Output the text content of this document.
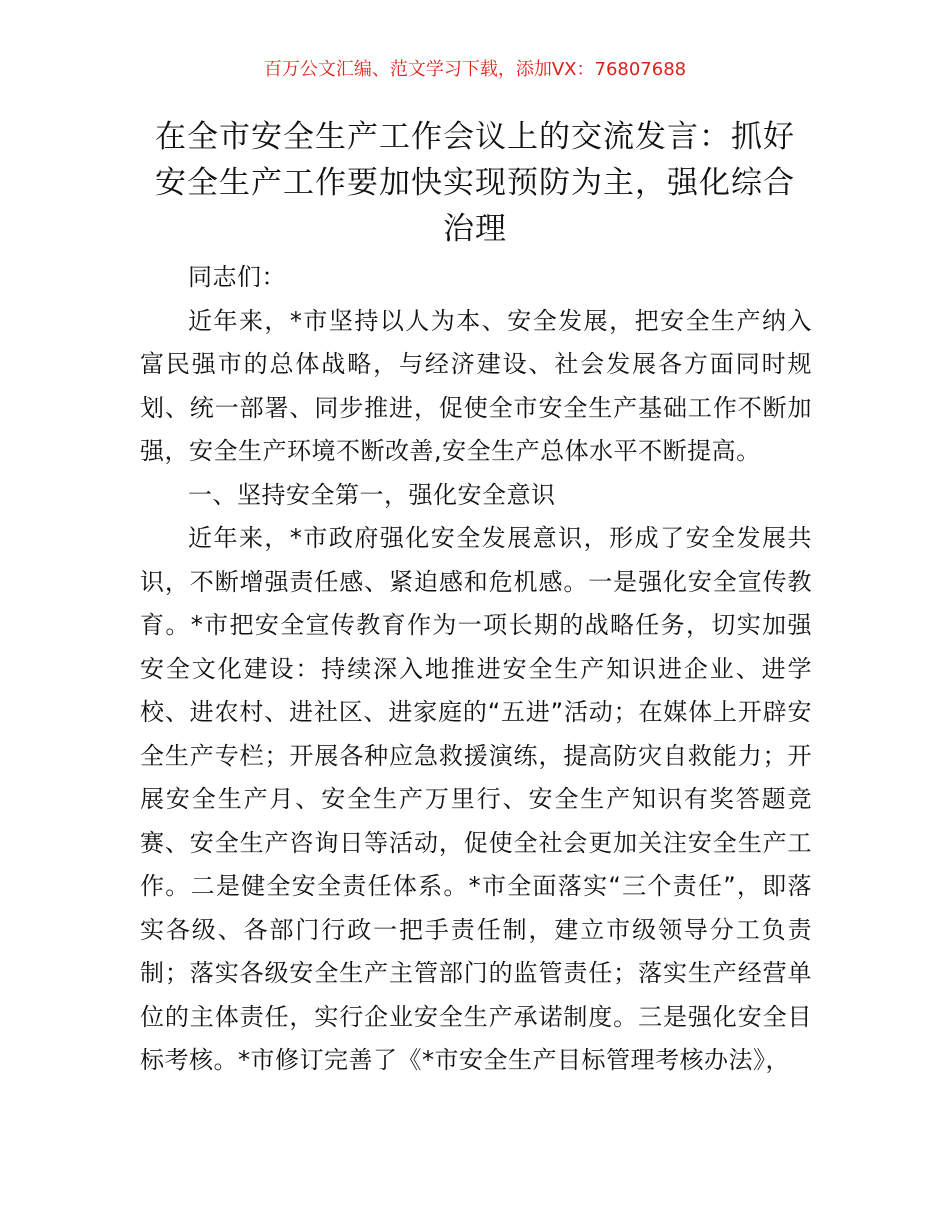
百万公文汇编、范文学习下载，添加VX：76807688
在全市安全生产工作会议上的交流发言：抓好安全生产工作要加快实现预防为主，强化综合治理

同志们：

近年来，*市坚持以人为本、安全发展，把安全生产纳入富民强市的总体战略，与经济建设、社会发展各方面同时规划、统一部署、同步推进，促使全市安全生产基础工作不断加强，安全生产环境不断改善,安全生产总体水平不断提高。

一、坚持安全第一，强化安全意识

近年来，*市政府强化安全发展意识，形成了安全发展共识，不断增强责任感、紧迫感和危机感。一是强化安全宣传教育。*市把安全宣传教育作为一项长期的战略任务，切实加强安全文化建设：持续深入地推进安全生产知识进企业、进学校、进农村、进社区、进家庭的“五进”活动；在媒体上开辟安全生产专栏；开展各种应急救援演练，提高防灾自救能力；开展安全生产月、安全生产万里行、安全生产知识有奖答题竞赛、安全生产咨询日等活动，促使全社会更加关注安全生产工作。二是健全安全责任体系。*市全面落实“三个责任”，即落实各级、各部门行政一把手责任制，建立市级领导分工负责制；落实各级安全生产主管部门的监管责任；落实生产经营单位的主体责任，实行企业安全生产承诺制度。三是强化安全目标考核。*市修订完善了《*市安全生产目标管理考核办法》，
